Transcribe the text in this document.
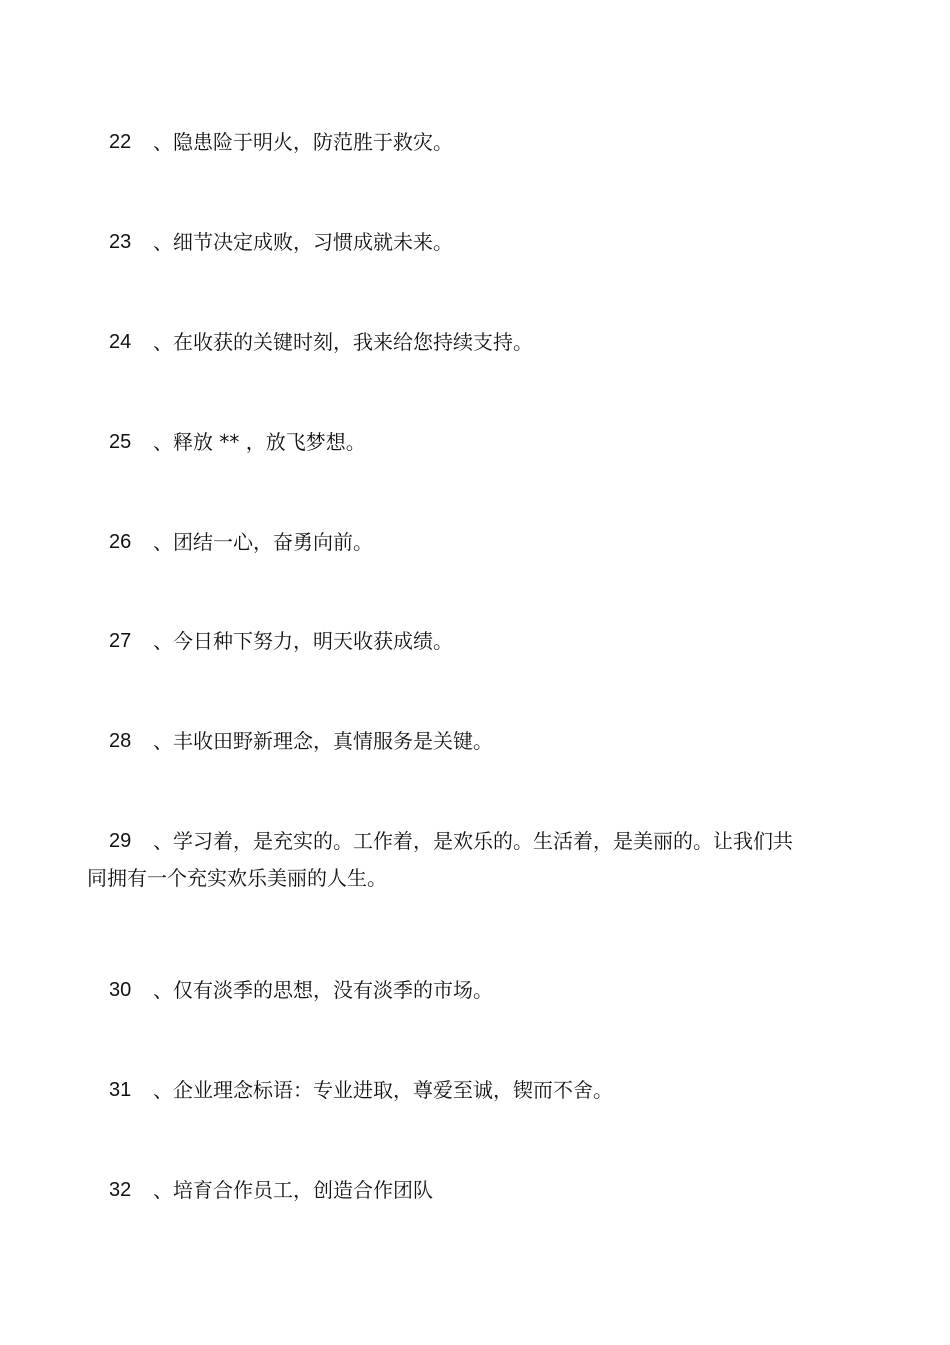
22 、隐患险于明火，防范胜于救灾。
23 、细节决定成败，习惯成就未来。
24 、在收获的关键时刻，我来给您持续支持。
25 、释放 ** ，放飞梦想。
26 、团结一心，奋勇向前。
27 、今日种下努力，明天收获成绩。
28 、丰收田野新理念，真情服务是关键。
29 、学习着，是充实的。工作着，是欢乐的。生活着，是美丽的。让我们共
同拥有一个充实欢乐美丽的人生。
30 、仅有淡季的思想，没有淡季的市场。
31 、企业理念标语：专业进取，尊爱至诚，锲而不舍。
32 、培育合作员工，创造合作团队
